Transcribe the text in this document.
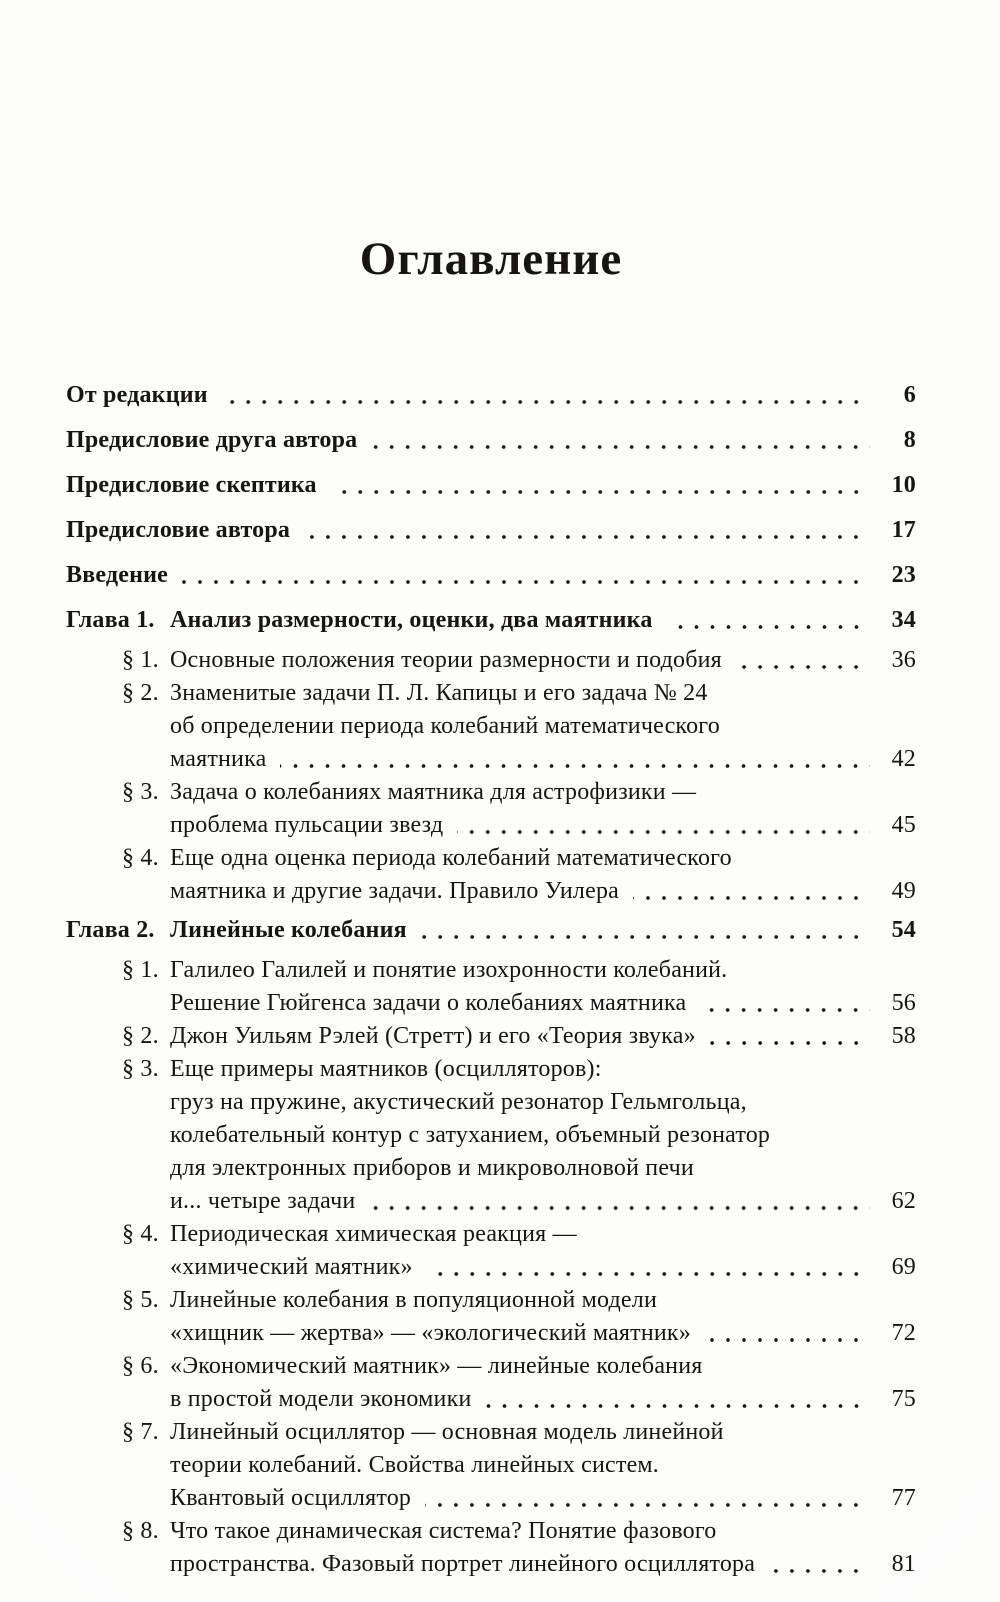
Оглавление
От редакции	6
Предисловие друга автора	8
Предисловие скептика	10
Предисловие автора	17
Введение	23
Глава 1. Анализ размерности, оценки, два маятника	34
§ 1. Основные положения теории размерности и подобия	36
§ 2. Знаменитые задачи П. Л. Капицы и его задача № 24
об определении периода колебаний математического
маятника	42
§ 3. Задача о колебаниях маятника для астрофизики —
проблема пульсации звезд	45
§ 4. Еще одна оценка периода колебаний математического
маятника и другие задачи. Правило Уилера	49
Глава 2. Линейные колебания	54
§ 1. Галилео Галилей и понятие изохронности колебаний.
Решение Гюйгенса задачи о колебаниях маятника	56
§ 2. Джон Уильям Рэлей (Стретт) и его «Теория звука»	58
§ 3. Еще примеры маятников (осцилляторов):
груз на пружине, акустический резонатор Гельмгольца,
колебательный контур с затуханием, объемный резонатор
для электронных приборов и микроволновой печи
и... четыре задачи	62
§ 4. Периодическая химическая реакция —
«химический маятник»	69
§ 5. Линейные колебания в популяционной модели
«хищник — жертва» — «экологический маятник»	72
§ 6. «Экономический маятник» — линейные колебания
в простой модели экономики	75
§ 7. Линейный осциллятор — основная модель линейной
теории колебаний. Свойства линейных систем.
Квантовый осциллятор	77
§ 8. Что такое динамическая система? Понятие фазового
пространства. Фазовый портрет линейного осциллятора	81
